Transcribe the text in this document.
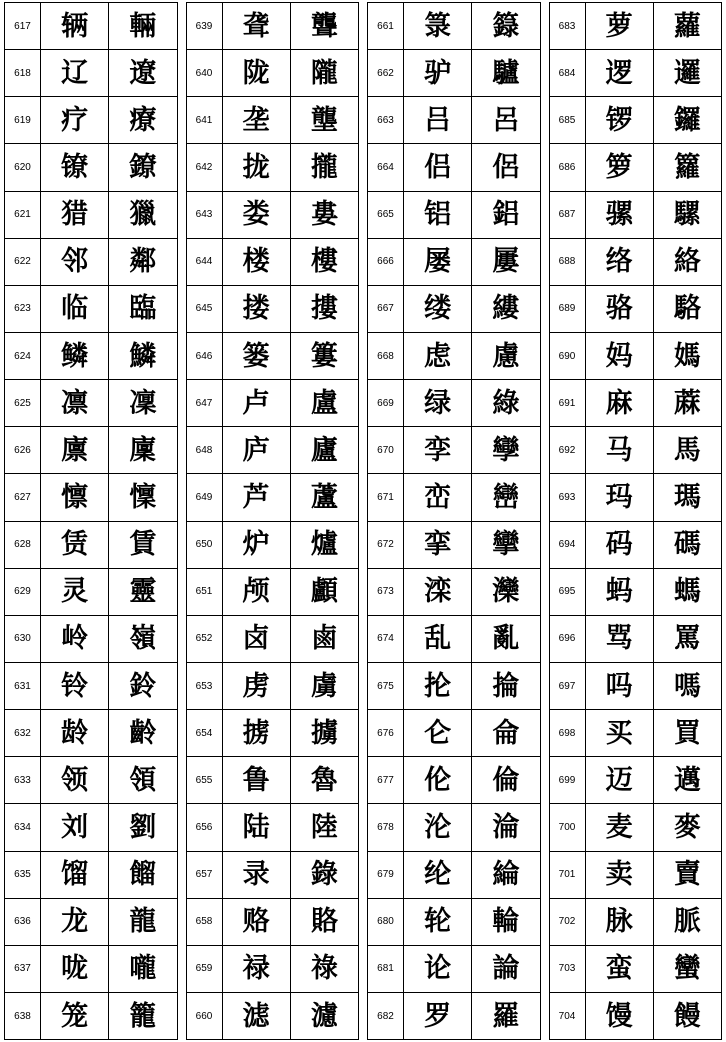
617	辆	輛
618	辽	遼
619	疗	療
620	镣	鐐
621	猎	獵
622	邻	鄰
623	临	臨
624	鳞	鱗
625	凛	凜
626	廪	廩
627	懔	懍
628	赁	賃
629	灵	靈
630	岭	嶺
631	铃	鈴
632	龄	齡
633	领	領
634	刘	劉
635	馏	餾
636	龙	龍
637	咙	嚨
638	笼	籠
639	聋	聾
640	陇	隴
641	垄	壟
642	拢	攏
643	娄	婁
644	楼	樓
645	搂	摟
646	篓	簍
647	卢	盧
648	庐	廬
649	芦	蘆
650	炉	爐
651	颅	顱
652	卤	鹵
653	虏	虜
654	掳	擄
655	鲁	魯
656	陆	陸
657	录	錄
658	赂	賂
659	禄	祿
660	滤	濾
661	箓	籙
662	驴	驢
663	吕	呂
664	侣	侶
665	铝	鋁
666	屡	屢
667	缕	縷
668	虑	慮
669	绿	綠
670	孪	孿
671	峦	巒
672	挛	攣
673	滦	灤
674	乱	亂
675	抡	掄
676	仑	侖
677	伦	倫
678	沦	淪
679	纶	綸
680	轮	輪
681	论	論
682	罗	羅
683	萝	蘿
684	逻	邏
685	锣	鑼
686	箩	籮
687	骡	騾
688	络	絡
689	骆	駱
690	妈	媽
691	麻	蔴
692	马	馬
693	玛	瑪
694	码	碼
695	蚂	螞
696	骂	罵
697	吗	嗎
698	买	買
699	迈	邁
700	麦	麥
701	卖	賣
702	脉	脈
703	蛮	蠻
704	馒	饅
